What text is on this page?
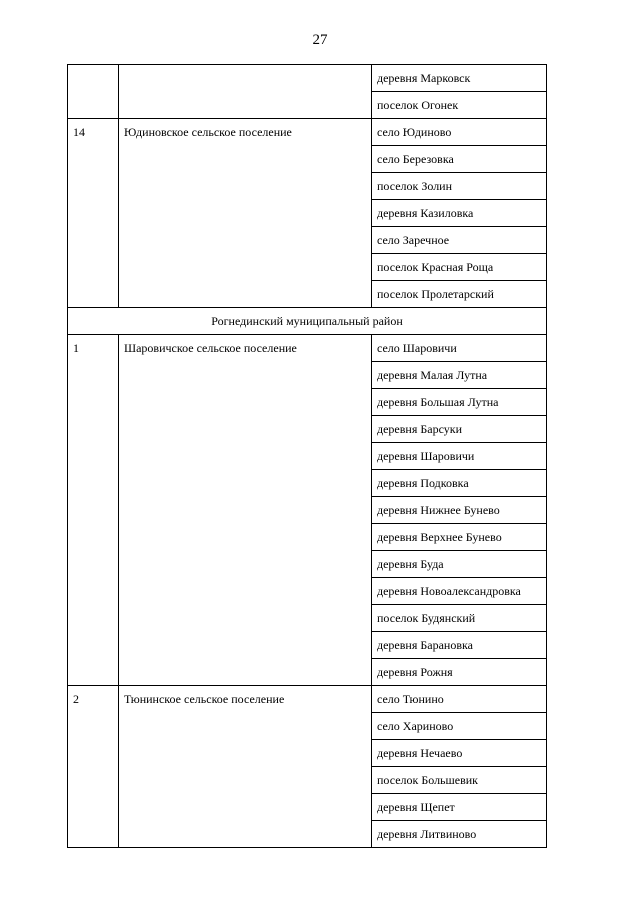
27
		деревня Марковск
		поселок Огонек
14	Юдиновское сельское поселение	село Юдиново
		село Березовка
		поселок Золин
		деревня Казиловка
		село Заречное
		поселок Красная Роща
		поселок Пролетарский
Рогнединский муниципальный район		
1	Шаровичское сельское поселение	село Шаровичи
		деревня Малая Лутна
		деревня Большая Лутна
		деревня Барсуки
		деревня Шаровичи
		деревня Подковка
		деревня Нижнее Бунево
		деревня Верхнее Бунево
		деревня Буда
		деревня Новоалександровка
		поселок Будянский
		деревня Барановка
		деревня Рожня
2	Тюнинское сельское поселение	село Тюнино
		село Хариново
		деревня Нечаево
		поселок Большевик
		деревня Щепет
		деревня Литвиново
